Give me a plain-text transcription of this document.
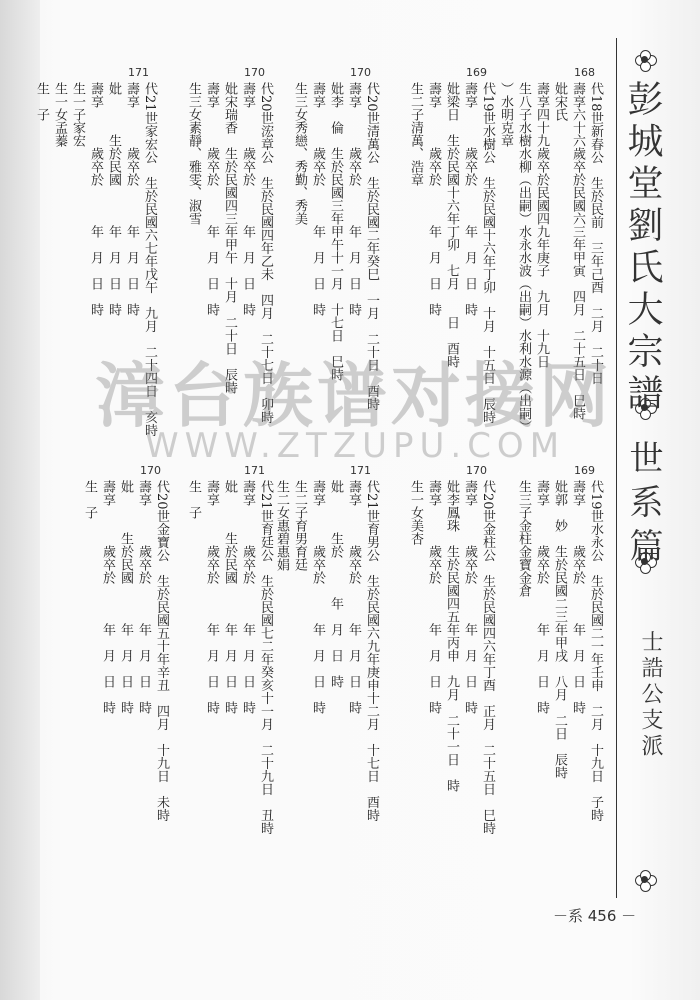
彭城堂劉氏大宗譜
世系篇
士誥公支派
168
代18世新春公　生於民前　三年己酉　二月　二十日
壽享六十六歲卒於民國六三年甲寅　四月　二十五日　巳時
妣宋氏
壽享四十九歲卒於民國四九年庚子　九月　十九日
生八子水樹水柳（出嗣）水永水波（出嗣）水利水源（出嗣）
）水明克章
169
代19世水樹公　生於民國十六年丁卯　十月　十五日　辰時
壽享　　　歲卒於　　　年　月　日　時
妣梁日　生於民國十六年丁卯　七月　　日　酉時
壽享　　　歲卒於　　　年　月　日　時
生二子清萬、浩章
170
代20世清萬公　生於民國二年癸巳　一月　二十日　酉時
壽享　　　歲卒於　　　年　月　日　時
妣李　倫　生於民國三年甲午十一月　十七日　巳時
壽享　　　歲卒於　　　年　月　日　時
生三女秀戀、秀勤、秀美
170
代20世浤章公　生於民國四年乙未　四月　二十七日　卯時
壽享　　　歲卒於　　　年　月　日　時
妣宋瑞香　生於民國四三年甲午　十月　二十日　辰時
壽享　　　歲卒於　　　年　月　日　時
生三女素靜、雅雯、淑雪
171
代21世家宏公　生於民國六七年戊午　九月　二十四日　亥時
壽享　　　歲卒於　　　年　月　日　時
妣　　　生於民國　　　年　月　日　時
壽享　　　歲卒於　　　年　月　日　時
生一子家宏
生一女孟蓁
生　子
169
代19世水永公　生於民國二一年壬申　二月　十九日　子時
壽享　　　歲卒於　　　年　月　日　時
妣郭　妙　生於民國二三年甲戌　八月　二日　辰時
壽享　　　歲卒於　　　年　月　日　時
生三子金柱金寶金倉
170
代20世金柱公　生於民國四六年丁酉　正月　二十五日　巳時
壽享　　　歲卒於　　　年　月　日　時
妣李鳳珠　生於民國四五年丙申　九月　二十一日　時
壽享　　　歲卒於　　　年　月　日　時
生一女美杏
171
代21世育男公　生於民國六九年庚申十二月　十七日　酉時
壽享　　　歲卒於　　　年　月　日　時
妣　　　生於　　　年　月　日　時
壽享　　　歲卒於　　　年　月　日　時
生二子育男育廷
生二女惠碧惠娟
171
代21世育廷公　生於民國七二年癸亥十一月　二十九日　丑時
壽享　　　歲卒於　　　年　月　日　時
妣　　　生於民國　　　年　月　日　時
壽享　　　歲卒於　　　年　月　日　時
生　子
170
代20世金寶公　生於民國五十年辛丑　四月　十九日　未時
壽享　　　歲卒於　　　年　月　日　時
妣　　　生於民國　　　年　月　日　時
壽享　　　歲卒於　　　年　月　日　時
生　子
漳台族谱对接网
WWW.ZTZUPU.COM
－系 456 －
